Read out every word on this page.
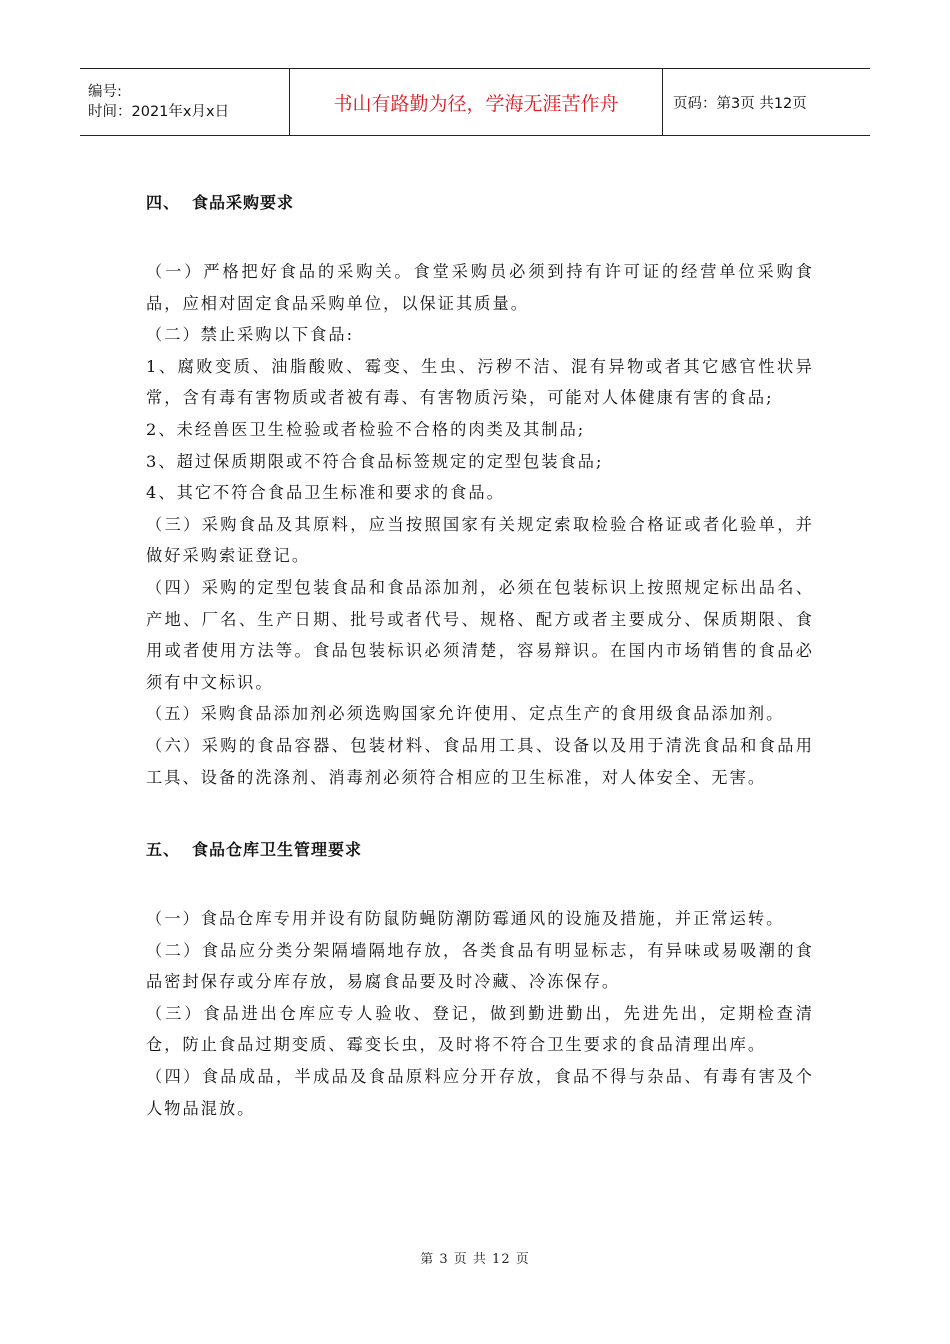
编号:
时间：2021年x月x日	书山有路勤为径，学海无涯苦作舟	页码：第3页 共12页
四、 食品采购要求

（一）严格把好食品的采购关。食堂采购员必须到持有许可证的经营单位采购食品，应相对固定食品采购单位，以保证其质量。

（二）禁止采购以下食品:

1、腐败变质、油脂酸败、霉变、生虫、污秽不洁、混有异物或者其它感官性状异常，含有毒有害物质或者被有毒、有害物质污染，可能对人体健康有害的食品;

2、未经兽医卫生检验或者检验不合格的肉类及其制品;

3、超过保质期限或不符合食品标签规定的定型包装食品;

4、其它不符合食品卫生标准和要求的食品。

（三）采购食品及其原料，应当按照国家有关规定索取检验合格证或者化验单，并做好采购索证登记。

（四）采购的定型包装食品和食品添加剂，必须在包装标识上按照规定标出品名、产地、厂名、生产日期、批号或者代号、规格、配方或者主要成分、保质期限、食用或者使用方法等。食品包装标识必须清楚，容易辩识。在国内市场销售的食品必须有中文标识。

（五）采购食品添加剂必须选购国家允许使用、定点生产的食用级食品添加剂。

（六）采购的食品容器、包装材料、食品用工具、设备以及用于清洗食品和食品用工具、设备的洗涤剂、消毒剂必须符合相应的卫生标准，对人体安全、无害。

五、 食品仓库卫生管理要求

（一）食品仓库专用并设有防鼠防蝇防潮防霉通风的设施及措施，并正常运转。

（二）食品应分类分架隔墙隔地存放，各类食品有明显标志，有异味或易吸潮的食品密封保存或分库存放，易腐食品要及时冷藏、冷冻保存。

（三）食品进出仓库应专人验收、登记，做到勤进勤出，先进先出，定期检查清仓，防止食品过期变质、霉变长虫，及时将不符合卫生要求的食品清理出库。

（四）食品成品，半成品及食品原料应分开存放，食品不得与杂品、有毒有害及个人物品混放。

第 3 页 共 12 页
